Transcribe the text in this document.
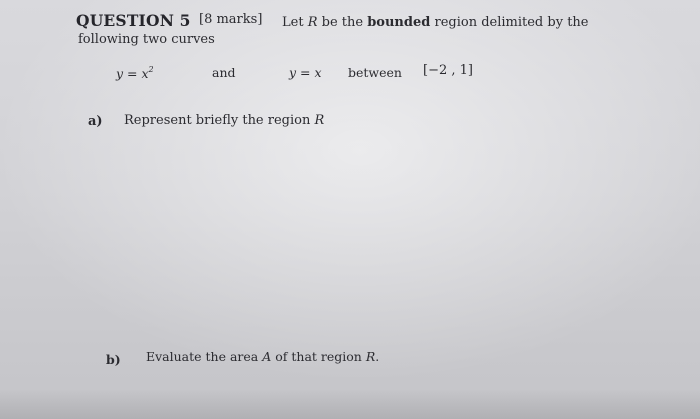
QUESTION 5 [8 marks] Let R be the bounded region delimited by the
following two curves
$y = x^2$	and	y = x between [−2 , 1]
a) Represent briefly the region R
b) Evaluate the area A of that region R.
